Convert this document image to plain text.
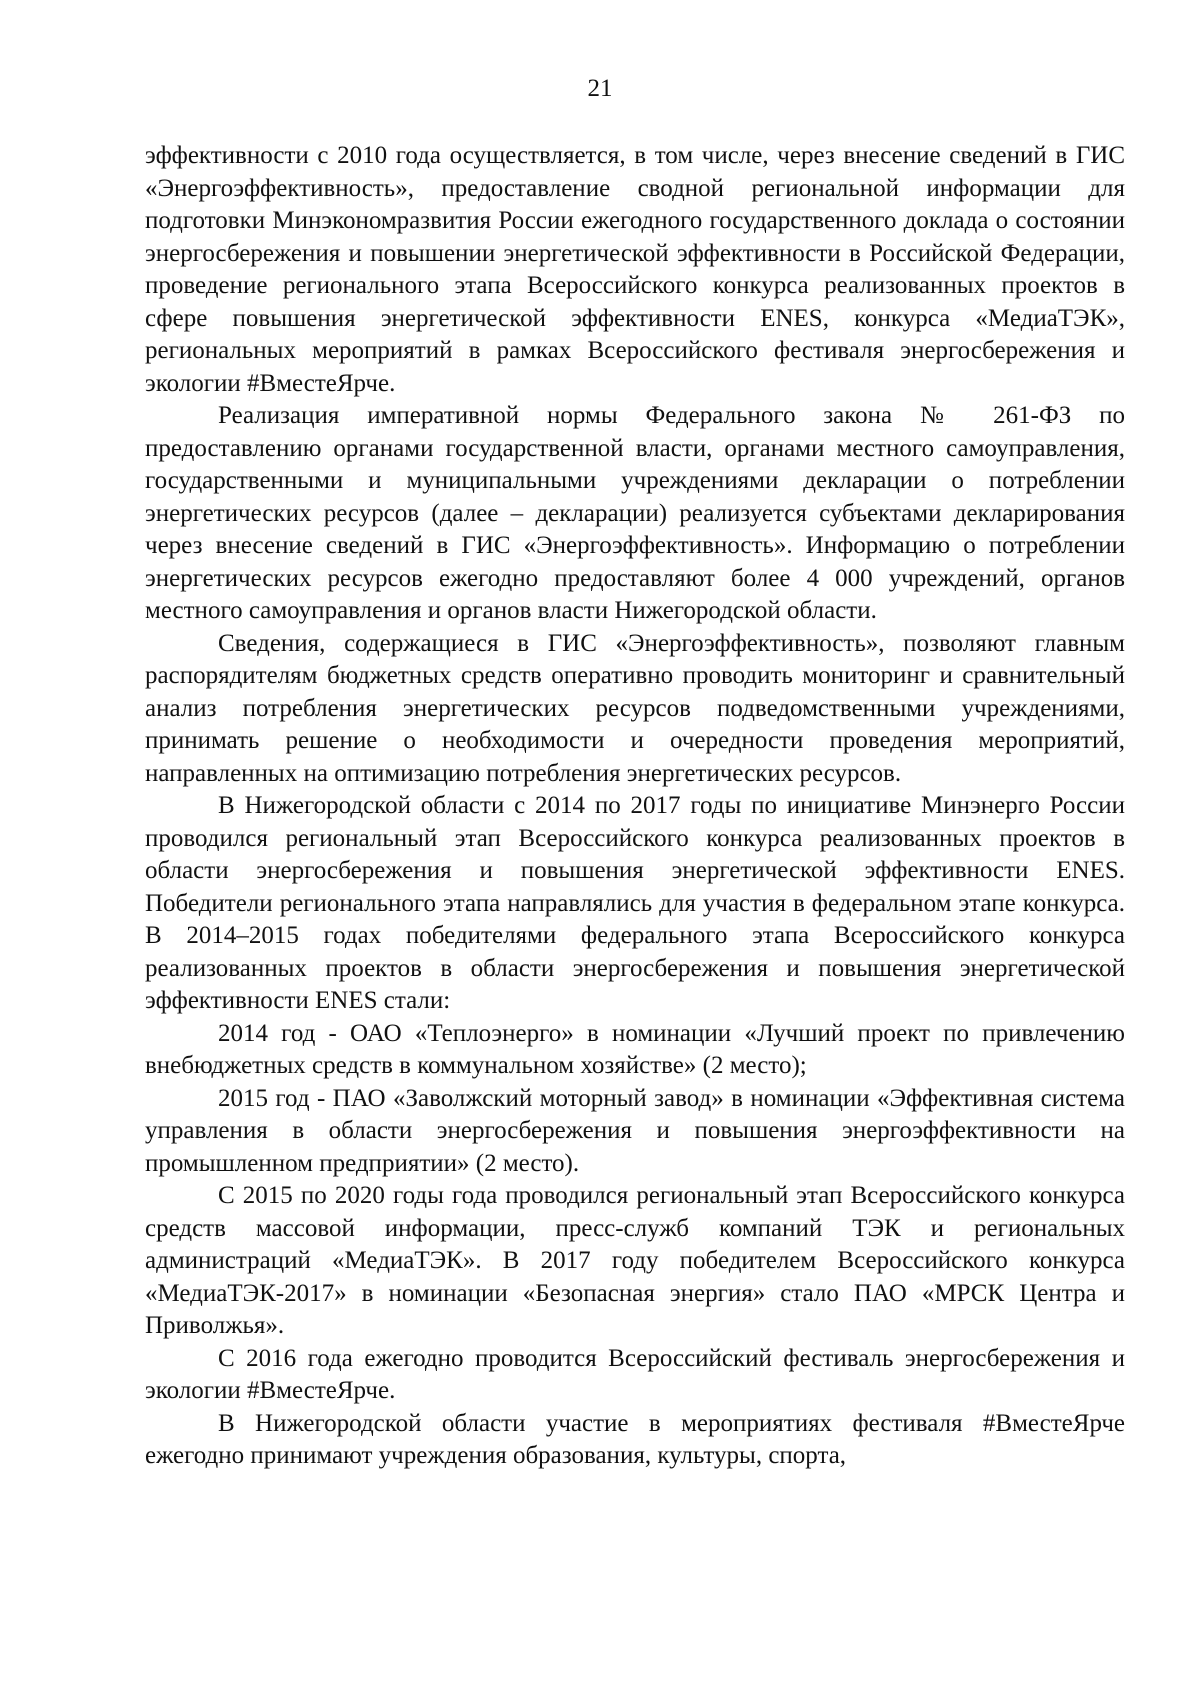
21

эффективности с 2010 года осуществляется, в том числе, через внесение сведений в ГИС «Энергоэффективность», предоставление сводной региональной информации для подготовки Минэкономразвития России ежегодного государственного доклада о состоянии энергосбережения и повышении энергетической эффективности в Российской Федерации, проведение регионального этапа Всероссийского конкурса реализованных проектов в сфере повышения энергетической эффективности ENES, конкурса «МедиаТЭК», региональных мероприятий в рамках Всероссийского фестиваля энергосбережения и экологии #ВместеЯрче.

Реализация императивной нормы Федерального закона № 261-ФЗ по предоставлению органами государственной власти, органами местного самоуправления, государственными и муниципальными учреждениями декларации о потреблении энергетических ресурсов (далее – декларации) реализуется субъектами декларирования через внесение сведений в ГИС «Энергоэффективность». Информацию о потреблении энергетических ресурсов ежегодно предоставляют более 4 000 учреждений, органов местного самоуправления и органов власти Нижегородской области.

Сведения, содержащиеся в ГИС «Энергоэффективность», позволяют главным распорядителям бюджетных средств оперативно проводить мониторинг и сравнительный анализ потребления энергетических ресурсов подведомственными учреждениями, принимать решение о необходимости и очередности проведения мероприятий, направленных на оптимизацию потребления энергетических ресурсов.

В Нижегородской области с 2014 по 2017 годы по инициативе Минэнерго России проводился региональный этап Всероссийского конкурса реализованных проектов в области энергосбережения и повышения энергетической эффективности ENES. Победители регионального этапа направлялись для участия в федеральном этапе конкурса. В 2014–2015 годах победителями федерального этапа Всероссийского конкурса реализованных проектов в области энергосбережения и повышения энергетической эффективности ENES стали:

2014 год - ОАО «Теплоэнерго» в номинации «Лучший проект по привлечению внебюджетных средств в коммунальном хозяйстве» (2 место);

2015 год - ПАО «Заволжский моторный завод» в номинации «Эффективная система управления в области энергосбережения и повышения энергоэффективности на промышленном предприятии» (2 место).

С 2015 по 2020 годы года проводился региональный этап Всероссийского конкурса средств массовой информации, пресс-служб компаний ТЭК и региональных администраций «МедиаТЭК». В 2017 году победителем Всероссийского конкурса «МедиаТЭК-2017» в номинации «Безопасная энергия» стало ПАО «МРСК Центра и Приволжья».

С 2016 года ежегодно проводится Всероссийский фестиваль энергосбережения и экологии #ВместеЯрче.

В Нижегородской области участие в мероприятиях фестиваля #ВместеЯрче ежегодно принимают учреждения образования, культуры, спорта,
